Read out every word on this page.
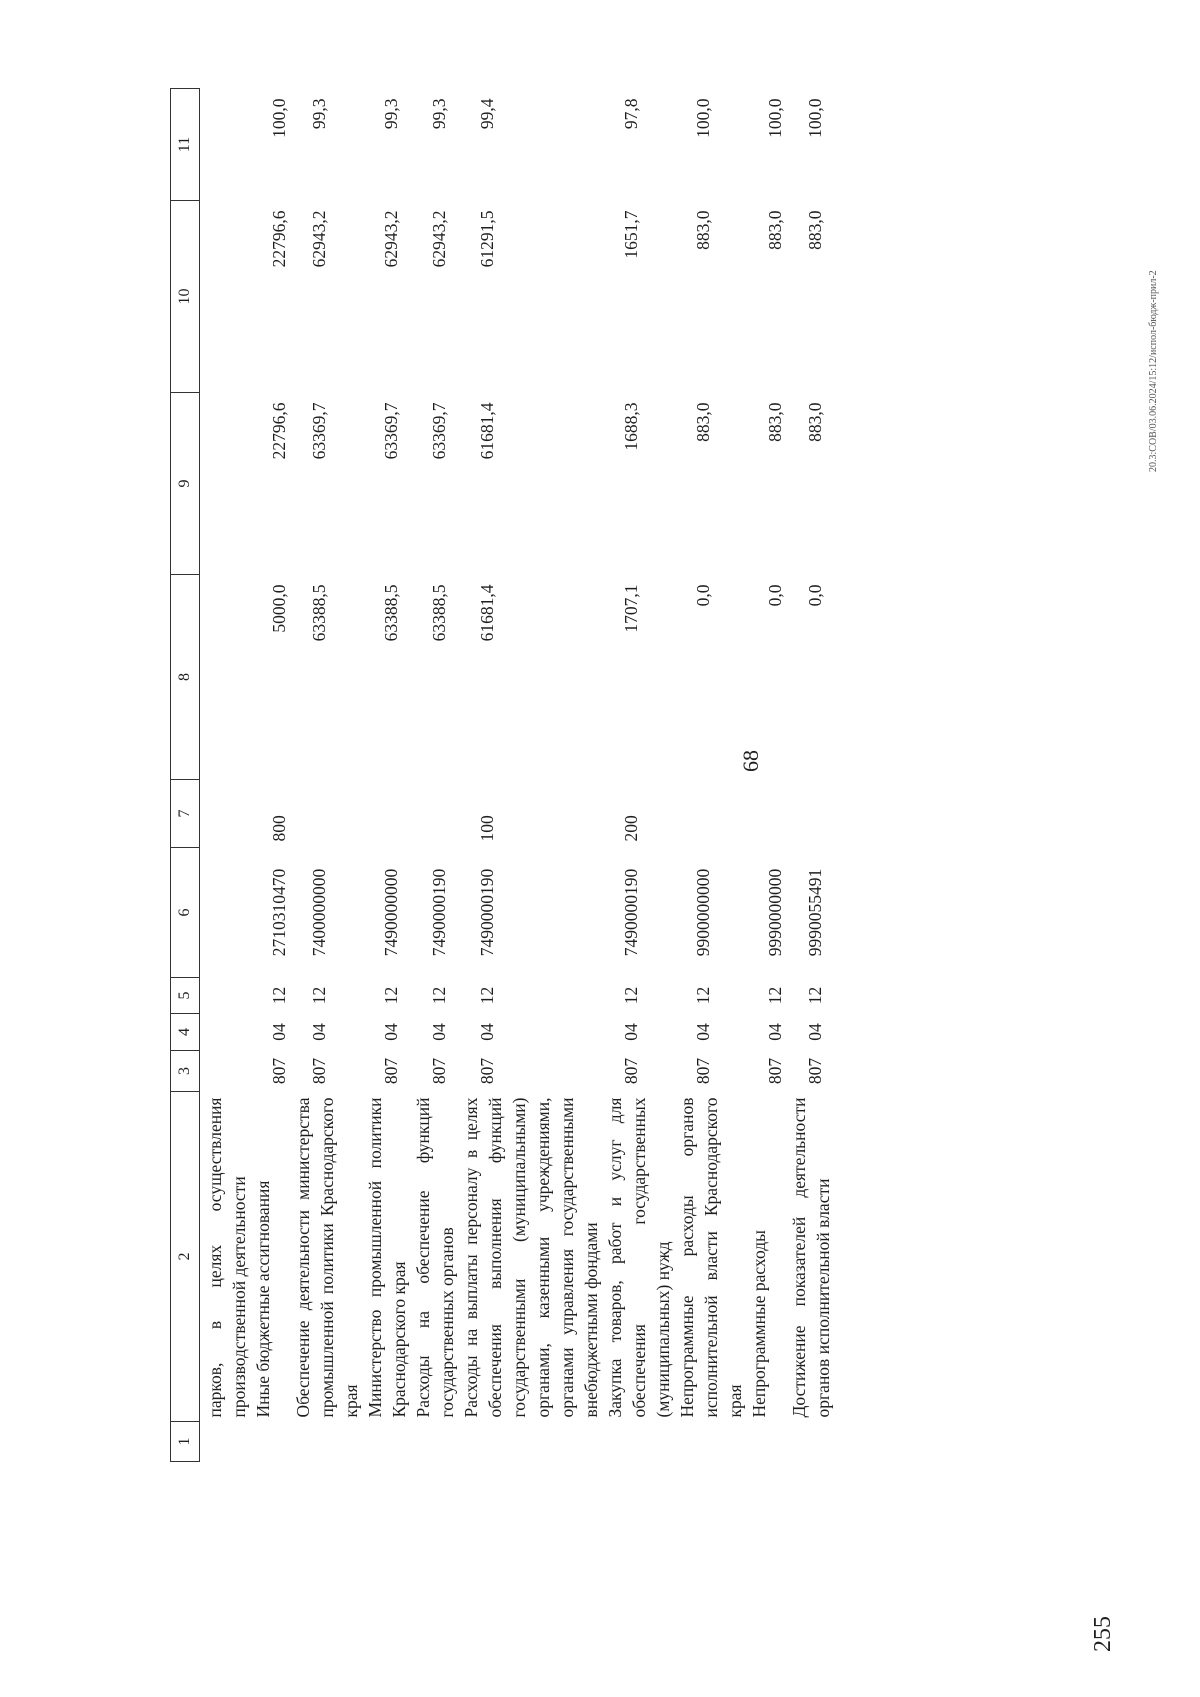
68
1	2	3	4	5	6	7	8	9	10	11
	парков, в целях осуществления производственной деятельности									
	Иные бюджетные ассигнования	807	04	12	2710310470	800	5000,0	22796,6	22796,6	100,0
	Обеспечение деятельности министерства промышленной политики Краснодарского края	807	04	12	7400000000		63388,5	63369,7	62943,2	99,3
	Министерство промышленной политики Краснодарского края	807	04	12	7490000000		63388,5	63369,7	62943,2	99,3
	Расходы на обеспечение функций государственных органов	807	04	12	7490000190		63388,5	63369,7	62943,2	99,3
	Расходы на выплаты персоналу в целях обеспечения выполнения функций государственными (муниципальными) органами, казенными учреждениями, органами управления государственными внебюджетными фондами	807	04	12	7490000190	100	61681,4	61681,4	61291,5	99,4
	Закупка товаров, работ и услуг для обеспечения государственных (муниципальных) нужд	807	04	12	7490000190	200	1707,1	1688,3	1651,7	97,8
	Непрограммные расходы органов исполнительной власти Краснодарского края	807	04	12	9900000000		0,0	883,0	883,0	100,0
	Непрограммные расходы	807	04	12	9990000000		0,0	883,0	883,0	100,0
	Достижение показателей деятельности органов исполнительной власти	807	04	12	9990055491		0,0	883,0	883,0	100,0
20.3:СОВ/03.06.2024/15:12/испол-бюдж-прил-2
255
